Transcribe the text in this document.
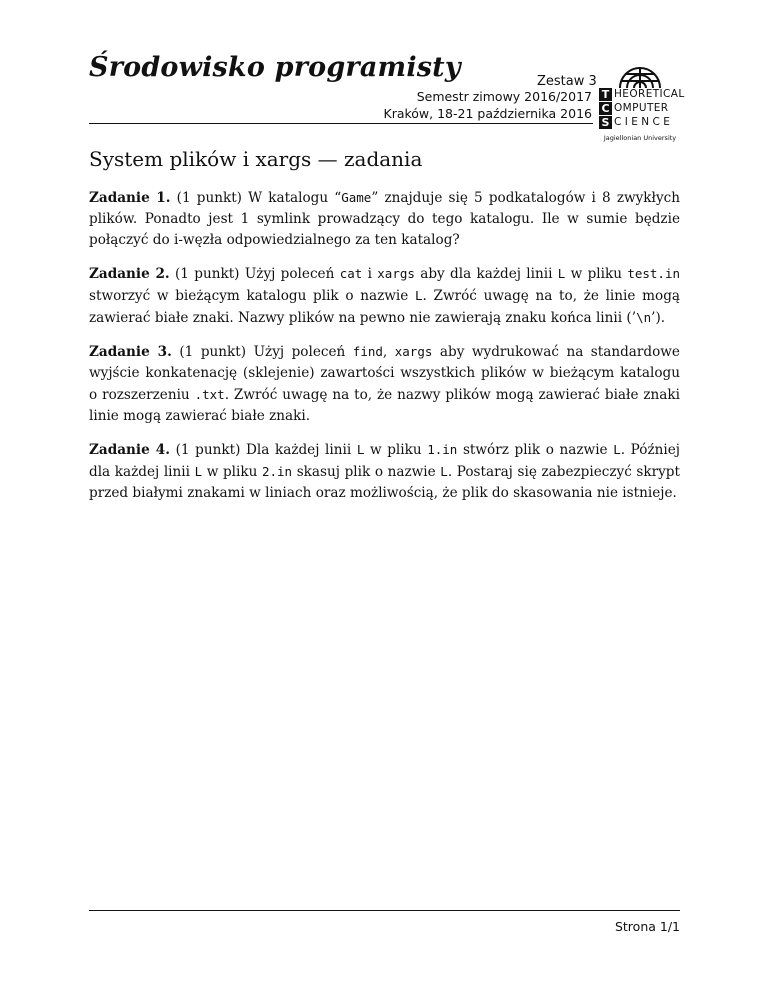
Środowisko programisty	Zestaw 3
Semestr zimowy 2016/2017
Kraków, 18-21 października 2016
T HEORETICAL
C OMPUTER
S CIENCE
Jagiellonian University
System plików i xargs — zadania

Zadanie 1. (1 punkt) W katalogu “Game” znajduje się 5 podkatalogów i 8 zwykłych plików. Ponadto jest 1 symlink prowadzący do tego katalogu. Ile w sumie będzie połączyć do i-węzła odpowiedzialnego za ten katalog?

Zadanie 2. (1 punkt) Użyj poleceń cat i xargs aby dla każdej linii L w pliku test.in stworzyć w bieżącym katalogu plik o nazwie L. Zwróć uwagę na to, że linie mogą zawierać białe znaki. Nazwy plików na pewno nie zawierają znaku końca linii (’\n’).

Zadanie 3. (1 punkt) Użyj poleceń find, xargs aby wydrukować na standardowe wyjście konkatenację (sklejenie) zawartości wszystkich plików w bieżącym katalogu o rozszerzeniu .txt. Zwróć uwagę na to, że nazwy plików mogą zawierać białe znaki linie mogą zawierać białe znaki.

Zadanie 4. (1 punkt) Dla każdej linii L w pliku 1.in stwórz plik o nazwie L. Później dla każdej linii L w pliku 2.in skasuj plik o nazwie L. Postaraj się zabezpieczyć skrypt przed białymi znakami w liniach oraz możliwością, że plik do skasowania nie istnieje.

Strona 1/1
